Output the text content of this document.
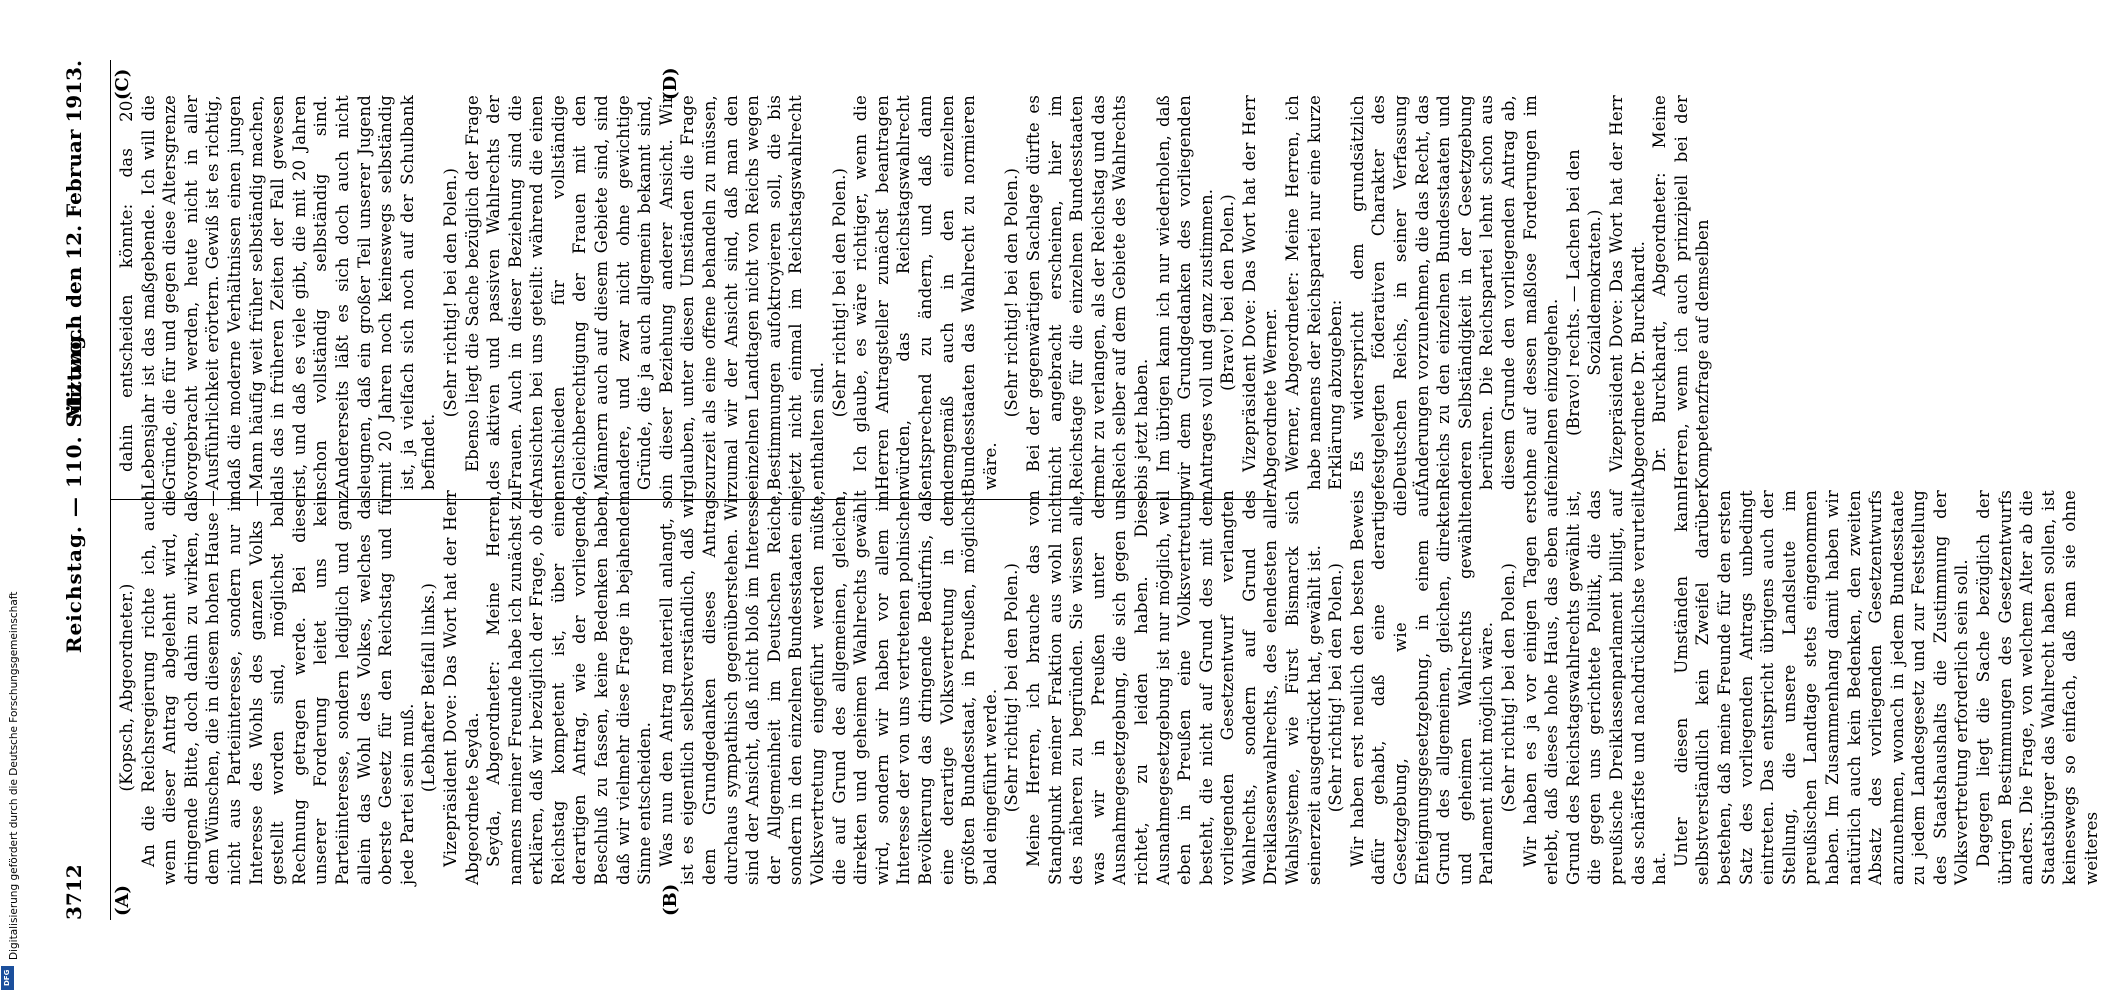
3712
Reichstag. — 110. Sitzung.
Mittwoch den 12. Februar 1913.
(A)	(B)
(C)	(D)

(Kopsch, Abgeordneter.) An die Reichsregierung richte ich, auch wenn dieser Antrag abgelehnt wird, die dringende Bitte, doch dahin zu wirken, daß dem Wünschen, die in diesem hohen Hause — nicht aus Parteiinteresse, sondern nur im Interesse des Wohls des ganzen Volks — gestellt worden sind, möglichst bald Rechnung getragen werde. Bei dieser unserer Forderung leitet uns kein Parteiinteresse, sondern lediglich und ganz allein das Wohl des Volkes, welches das oberste Gesetz für den Reichstag und für jede Partei sein muß.

(Lebhafter Beifall links.) Vizepräsident Dove: Das Wort hat der Herr Abgeordnete Seyda. Seyda, Abgeordneter: Meine Herren, namens meiner Freunde habe ich zunächst zu erklären, daß wir bezüglich der Frage, ob der Reichstag kompetent ist, über einen derartigen Antrag, wie der vorliegende, Beschluß zu fassen, keine Bedenken haben, daß wir vielmehr diese Frage in bejahendem Sinne entscheiden. Was nun den Antrag materiell anlangt, so ist es eigentlich selbstverständlich, daß wir dem Grundgedanken dieses Antrags durchaus sympathisch gegenüberstehen. Wir sind der Ansicht, daß nicht bloß im Interesse der Allgemeinheit im Deutschen Reiche, sondern in den einzelnen Bundesstaaten eine Volksvertretung eingeführt werden müßte, die auf Grund des allgemeinen, gleichen, direkten und geheimen Wahlrechts gewählt wird, sondern wir haben vor allem im Interesse der von uns vertretenen polnischen Bevölkerung das dringende Bedürfnis, daß eine derartige Volksvertretung in dem größten Bundesstaat, in Preußen, möglichst bald eingeführt werde. (Sehr richtig! bei den Polen.) Meine Herren, ich brauche das vom Standpunkt meiner Fraktion aus wohl nicht des näheren zu begründen. Sie wissen alle, was wir in Preußen unter der Ausnahmegesetzgebung, die sich gegen uns richtet, zu leiden haben. Diese Ausnahmegesetzgebung ist nur möglich, weil eben in Preußen eine Volksvertretung besteht, die nicht auf Grund des mit dem vorliegenden Gesetzentwurf verlangten Wahlrechts, sondern auf Grund des Dreiklassenwahlrechts, des elendesten aller Wahlsysteme, wie Fürst Bismarck sich seinerzeit ausgedrückt hat, gewählt ist. (Sehr richtig! bei den Polen.) Wir haben erst neulich den besten Beweis dafür gehabt, daß eine derartige Gesetzgebung, wie die Enteignungsgesetzgebung, in einem auf Grund des allgemeinen, gleichen, direkten und geheimen Wahlrechts gewählten Parlament nicht möglich wäre. (Sehr richtig! bei den Polen.) Wir haben es ja vor einigen Tagen erst erlebt, daß dieses hohe Haus, das eben auf Grund des Reichstagswahlrechts gewählt ist, die gegen uns gerichtete Politik, die das preußische Dreiklassenparlament billigt, auf das schärfste und nachdrücklichste verurteilt hat.

Unter diesen Umständen kann selbstverständlich kein Zweifel darüber bestehen, daß meine Freunde für den ersten Satz des vorliegenden Antrags unbedingt eintreten. Das entspricht übrigens auch der Stellung, die unsere Landsleute im preußischen Landtage stets eingenommen haben. Im Zusammenhang damit haben wir natürlich auch kein Bedenken, den zweiten Absatz des vorliegenden Gesetzentwurfs anzunehmen, wonach in jedem Bundesstaate zu jedem Landesgesetz und zur Feststellung des Staatshaushalts die Zustimmung der Volksvertretung erforderlich sein soll. Dagegen liegt die Sache bezüglich der übrigen Bestimmungen des Gesetzentwurfs anders. Die Frage, von welchem Alter ab die Staatsbürger das Wahlrecht haben sollen, ist keineswegs so einfach, daß man sie ohne weiteres

dahin entscheiden könnte: das 20. Lebensjahr ist das maßgebende. Ich will die Gründe, die für und gegen diese Altersgrenze vorgebracht werden, heute nicht in aller Ausführlichkeit erörtern. Gewiß ist es richtig, daß die moderne Verhältnissen einen jungen Mann häufig weit früher selbständig machen, als das in früheren Zeiten der Fall gewesen ist, und daß es viele gibt, die mit 20 Jahren schon vollständig selbständig sind. Andererseits läßt es sich doch auch nicht leugnen, daß ein großer Teil unserer Jugend mit 20 Jahren noch keineswegs selbständig ist, ja vielfach sich noch auf der Schulbank befindet.

(Sehr richtig! bei den Polen.) Ebenso liegt die Sache bezüglich der Frage des aktiven und passiven Wahlrechts der Frauen. Auch in dieser Beziehung sind die Ansichten bei uns geteilt: während die einen entschieden für vollständige Gleichberechtigung der Frauen mit den Männern auch auf diesem Gebiete sind, sind andere, und zwar nicht ohne gewichtige Gründe, die ja auch allgemein bekannt sind, in dieser Beziehung anderer Ansicht. Wir glauben, unter diesen Umständen die Frage zurzeit als eine offene behandeln zu müssen, zumal wir der Ansicht sind, daß man den einzelnen Landtagen nicht von Reichs wegen Bestimmungen aufoktroyieren soll, die bis jetzt nicht einmal im Reichstagswahlrecht enthalten sind.

(Sehr richtig! bei den Polen.) Ich glaube, es wäre richtiger, wenn die Herren Antragsteller zunächst beantragen würden, das Reichstagswahlrecht entsprechend zu ändern, und daß dann demgemäß auch in den einzelnen Bundesstaaten das Wahlrecht zu normieren wäre.

(Sehr richtig! bei den Polen.) Bei der gegenwärtigen Sachlage dürfte es nicht angebracht erscheinen, hier im Reichstage für die einzelnen Bundesstaaten mehr zu verlangen, als der Reichstag und das Reich selber auf dem Gebiete des Wahlrechts bis jetzt haben. Im übrigen kann ich nur wiederholen, daß wir dem Grundgedanken des vorliegenden Antrages voll und ganz zustimmen. (Bravo! bei den Polen.) Vizepräsident Dove: Das Wort hat der Herr Abgeordnete Werner. Werner, Abgeordneter: Meine Herren, ich habe namens der Reichspartei nur eine kurze Erklärung abzugeben: Es widerspricht dem grundsätzlich festgelegten föderativen Charakter des Deutschen Reichs, in seiner Verfassung Änderungen vorzunehmen, die das Recht, das Reichs zu den einzelnen Bundesstaaten und deren Selbständigkeit in der Gesetzgebung berühren. Die Reichspartei lehnt schon aus diesem Grunde den vorliegenden Antrag ab, ohne auf dessen maßlose Forderungen im einzelnen einzugehen. (Bravo! rechts. — Lachen bei den Sozialdemokraten.) Vizepräsident Dove: Das Wort hat der Herr Abgeordnete Dr. Burckhardt. Dr. Burckhardt, Abgeordneter: Meine Herren, wenn ich auch prinzipiell bei der Kompetenzfrage auf demselben

Digitalisierung gefördert durch die Deutsche Forschungsgemeinschaft
DFG
